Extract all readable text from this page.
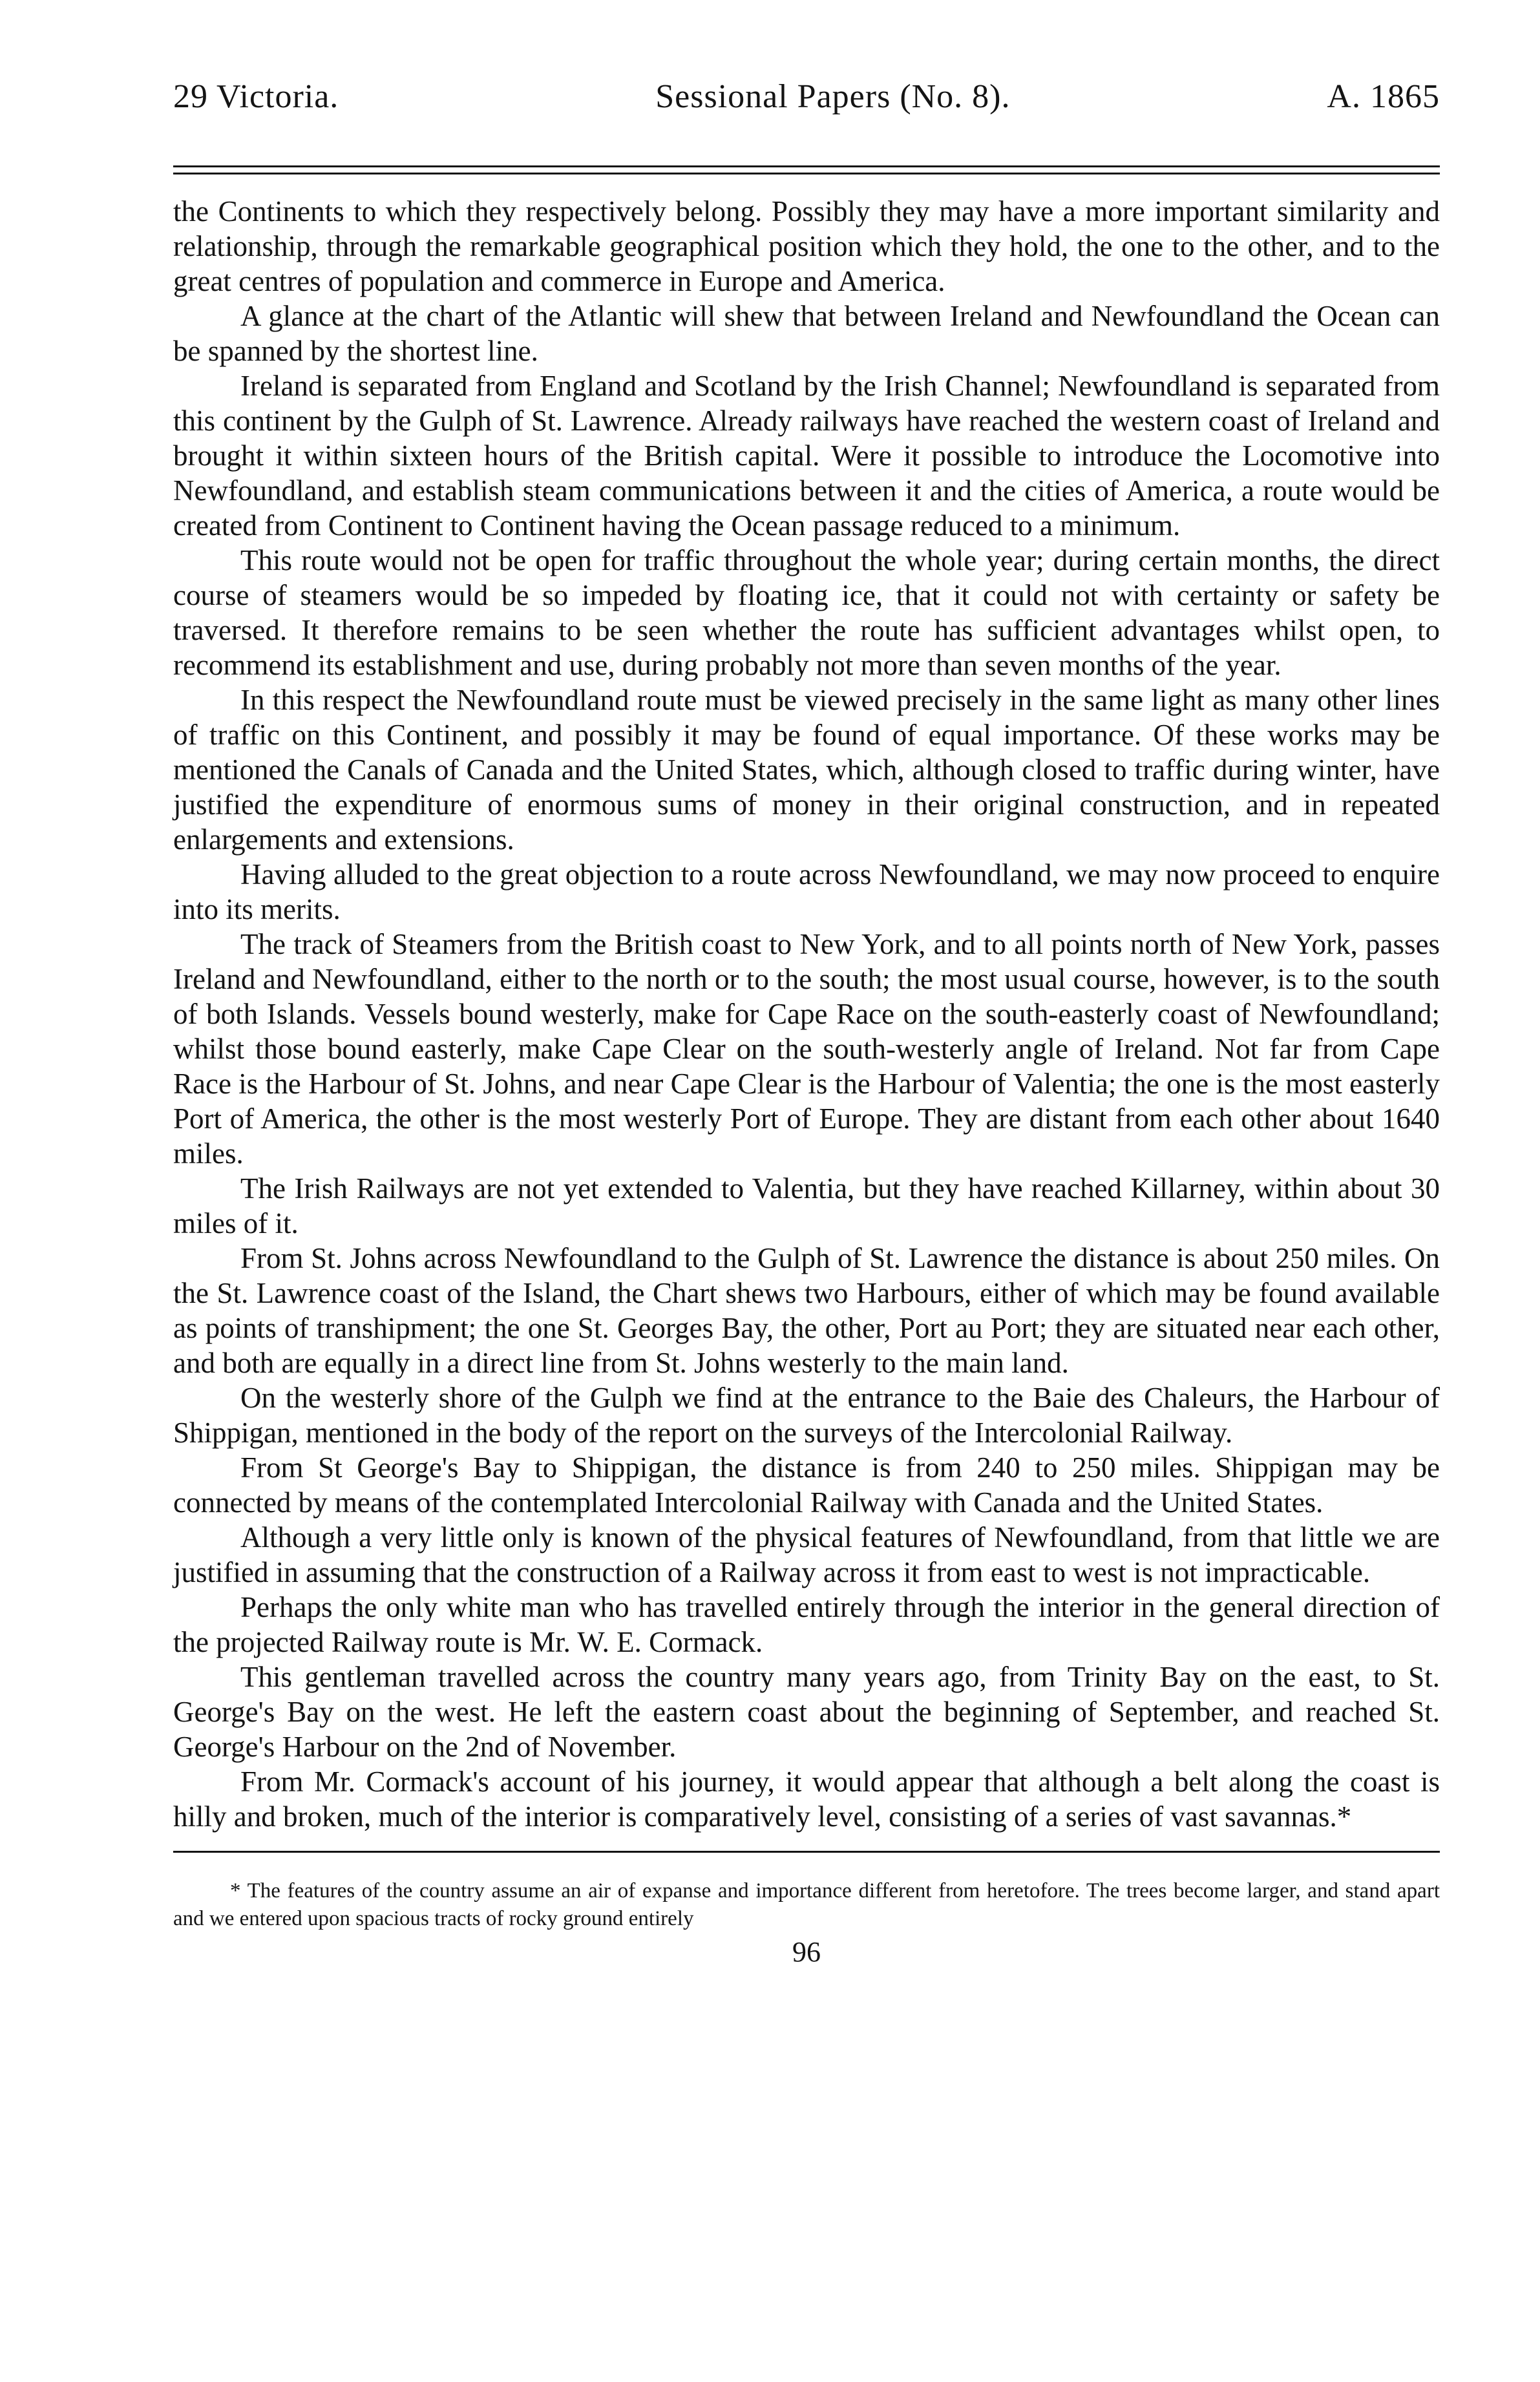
29 Victoria.	Sessional Papers (No. 8).	A. 1865

the Continents to which they respectively belong. Possibly they may have a more important similarity and relationship, through the remarkable geographical position which they hold, the one to the other, and to the great centres of population and commerce in Europe and America.

A glance at the chart of the Atlantic will shew that between Ireland and Newfoundland the Ocean can be spanned by the shortest line.

Ireland is separated from England and Scotland by the Irish Channel; Newfoundland is separated from this continent by the Gulph of St. Lawrence. Already railways have reached the western coast of Ireland and brought it within sixteen hours of the British capital. Were it possible to introduce the Locomotive into Newfoundland, and establish steam communications between it and the cities of America, a route would be created from Continent to Continent having the Ocean passage reduced to a minimum.

This route would not be open for traffic throughout the whole year; during certain months, the direct course of steamers would be so impeded by floating ice, that it could not with certainty or safety be traversed. It therefore remains to be seen whether the route has sufficient advantages whilst open, to recommend its establishment and use, during probably not more than seven months of the year.

In this respect the Newfoundland route must be viewed precisely in the same light as many other lines of traffic on this Continent, and possibly it may be found of equal importance. Of these works may be mentioned the Canals of Canada and the United States, which, although closed to traffic during winter, have justified the expenditure of enormous sums of money in their original construction, and in repeated enlargements and extensions.

Having alluded to the great objection to a route across Newfoundland, we may now proceed to enquire into its merits.

The track of Steamers from the British coast to New York, and to all points north of New York, passes Ireland and Newfoundland, either to the north or to the south; the most usual course, however, is to the south of both Islands. Vessels bound westerly, make for Cape Race on the south-easterly coast of Newfoundland; whilst those bound easterly, make Cape Clear on the south-westerly angle of Ireland. Not far from Cape Race is the Harbour of St. Johns, and near Cape Clear is the Harbour of Valentia; the one is the most easterly Port of America, the other is the most westerly Port of Europe. They are distant from each other about 1640 miles.

The Irish Railways are not yet extended to Valentia, but they have reached Killarney, within about 30 miles of it.

From St. Johns across Newfoundland to the Gulph of St. Lawrence the distance is about 250 miles. On the St. Lawrence coast of the Island, the Chart shews two Harbours, either of which may be found available as points of transhipment; the one St. Georges Bay, the other, Port au Port; they are situated near each other, and both are equally in a direct line from St. Johns westerly to the main land.

On the westerly shore of the Gulph we find at the entrance to the Baie des Chaleurs, the Harbour of Shippigan, mentioned in the body of the report on the surveys of the Intercolonial Railway.

From St George's Bay to Shippigan, the distance is from 240 to 250 miles. Shippigan may be connected by means of the contemplated Intercolonial Railway with Canada and the United States.

Although a very little only is known of the physical features of Newfoundland, from that little we are justified in assuming that the construction of a Railway across it from east to west is not impracticable.

Perhaps the only white man who has travelled entirely through the interior in the general direction of the projected Railway route is Mr. W. E. Cormack.

This gentleman travelled across the country many years ago, from Trinity Bay on the east, to St. George's Bay on the west. He left the eastern coast about the beginning of September, and reached St. George's Harbour on the 2nd of November.

From Mr. Cormack's account of his journey, it would appear that although a belt along the coast is hilly and broken, much of the interior is comparatively level, consisting of a series of vast savannas.*

* The features of the country assume an air of expanse and importance different from heretofore. The trees become larger, and stand apart and we entered upon spacious tracts of rocky ground entirely

96
